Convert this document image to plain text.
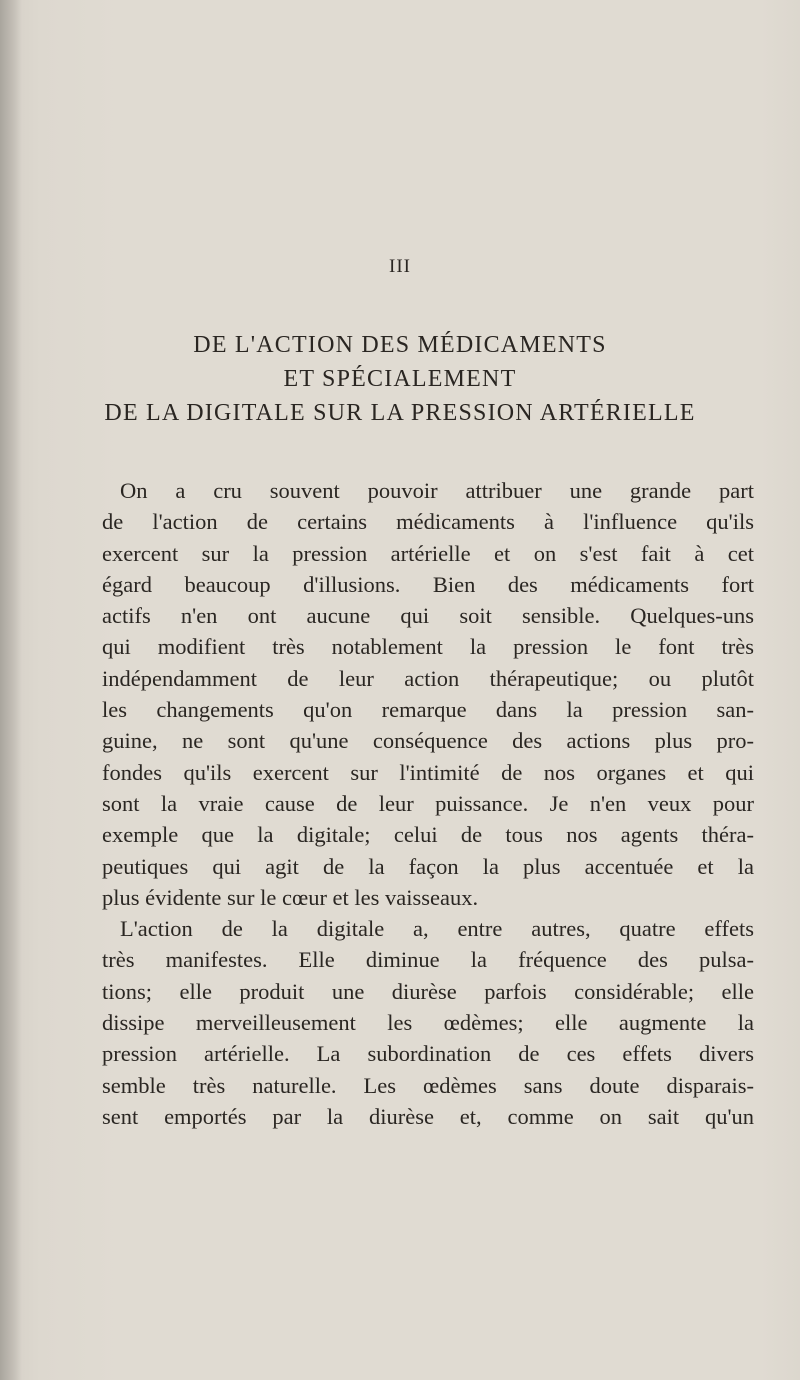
III
DE L'ACTION DES MÉDICAMENTS
ET SPÉCIALEMENT
DE LA DIGITALE SUR LA PRESSION ARTÉRIELLE
On a cru souvent pouvoir attribuer une grande part
de l'action de certains médicaments à l'influence qu'ils
exercent sur la pression artérielle et on s'est fait à cet
égard beaucoup d'illusions. Bien des médicaments fort
actifs n'en ont aucune qui soit sensible. Quelques-uns
qui modifient très notablement la pression le font très
indépendamment de leur action thérapeutique; ou plutôt
les changements qu'on remarque dans la pression san-
guine, ne sont qu'une conséquence des actions plus pro-
fondes qu'ils exercent sur l'intimité de nos organes et qui
sont la vraie cause de leur puissance. Je n'en veux pour
exemple que la digitale; celui de tous nos agents théra-
peutiques qui agit de la façon la plus accentuée et la
plus évidente sur le cœur et les vaisseaux.
L'action de la digitale a, entre autres, quatre effets
très manifestes. Elle diminue la fréquence des pulsa-
tions; elle produit une diurèse parfois considérable; elle
dissipe merveilleusement les œdèmes; elle augmente la
pression artérielle. La subordination de ces effets divers
semble très naturelle. Les œdèmes sans doute disparais-
sent emportés par la diurèse et, comme on sait qu'un
